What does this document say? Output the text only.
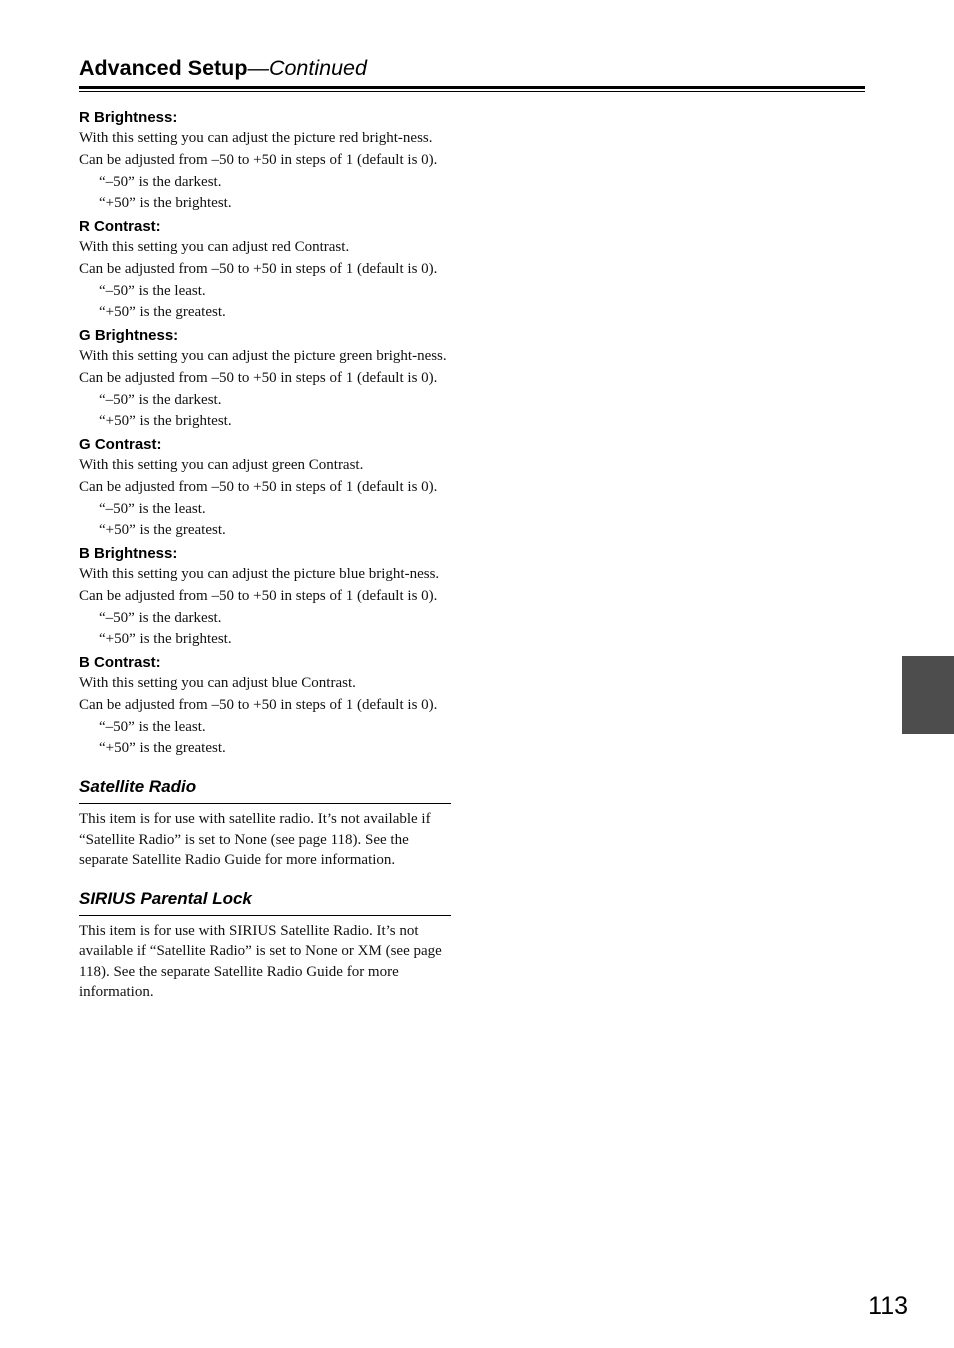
Advanced Setup—Continued
R Brightness:
With this setting you can adjust the picture red bright-ness.
Can be adjusted from –50 to +50 in steps of 1 (default is 0).
“–50” is the darkest.
“+50” is the brightest.
R Contrast:
With this setting you can adjust red Contrast.
Can be adjusted from –50 to +50 in steps of 1 (default is 0).
“–50” is the least.
“+50” is the greatest.
G Brightness:
With this setting you can adjust the picture green bright-ness.
Can be adjusted from –50 to +50 in steps of 1 (default is 0).
“–50” is the darkest.
“+50” is the brightest.
G Contrast:
With this setting you can adjust green Contrast.
Can be adjusted from –50 to +50 in steps of 1 (default is 0).
“–50” is the least.
“+50” is the greatest.
B Brightness:
With this setting you can adjust the picture blue bright-ness.
Can be adjusted from –50 to +50 in steps of 1 (default is 0).
“–50” is the darkest.
“+50” is the brightest.
B Contrast:
With this setting you can adjust blue Contrast.
Can be adjusted from –50 to +50 in steps of 1 (default is 0).
“–50” is the least.
“+50” is the greatest.
Satellite Radio
This item is for use with satellite radio. It’s not available if “Satellite Radio” is set to None (see page 118). See the separate Satellite Radio Guide for more information.
SIRIUS Parental Lock
This item is for use with SIRIUS Satellite Radio. It’s not available if “Satellite Radio” is set to None or XM (see page 118). See the separate Satellite Radio Guide for more information.
113
